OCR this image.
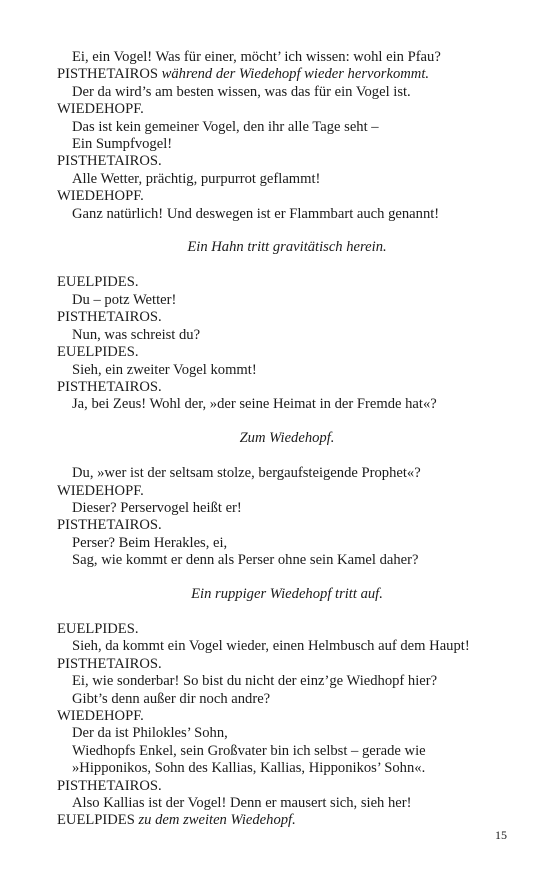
Ei, ein Vogel! Was für einer, möcht’ ich wissen: wohl ein Pfau?
PISTHETAIROS während der Wiedehopf wieder hervorkommt.
Der da wird’s am besten wissen, was das für ein Vogel ist.
WIEDEHOPF.
Das ist kein gemeiner Vogel, den ihr alle Tage seht –
Ein Sumpfvogel!
PISTHETAIROS.
Alle Wetter, prächtig, purpurrot geflammt!
WIEDEHOPF.
Ganz natürlich! Und deswegen ist er Flammbart auch genannt!
Ein Hahn tritt gravitätisch herein.
EUELPIDES.
Du – potz Wetter!
PISTHETAIROS.
Nun, was schreist du?
EUELPIDES.
Sieh, ein zweiter Vogel kommt!
PISTHETAIROS.
Ja, bei Zeus! Wohl der, »der seine Heimat in der Fremde hat«?
Zum Wiedehopf.
Du, »wer ist der seltsam stolze, bergaufsteigende Prophet«?
WIEDEHOPF.
Dieser? Perservogel heißt er!
PISTHETAIROS.
Perser? Beim Herakles, ei,
Sag, wie kommt er denn als Perser ohne sein Kamel daher?
Ein ruppiger Wiedehopf tritt auf.
EUELPIDES.
Sieh, da kommt ein Vogel wieder, einen Helmbusch auf dem Haupt!
PISTHETAIROS.
Ei, wie sonderbar! So bist du nicht der einz’ge Wiedhopf hier?
Gibt’s denn außer dir noch andre?
WIEDEHOPF.
Der da ist Philokles’ Sohn,
Wiedhopfs Enkel, sein Großvater bin ich selbst – gerade wie
»Hipponikos, Sohn des Kallias, Kallias, Hipponikos’ Sohn«.
PISTHETAIROS.
Also Kallias ist der Vogel! Denn er mausert sich, sieh her!
EUELPIDES zu dem zweiten Wiedehopf.
15
